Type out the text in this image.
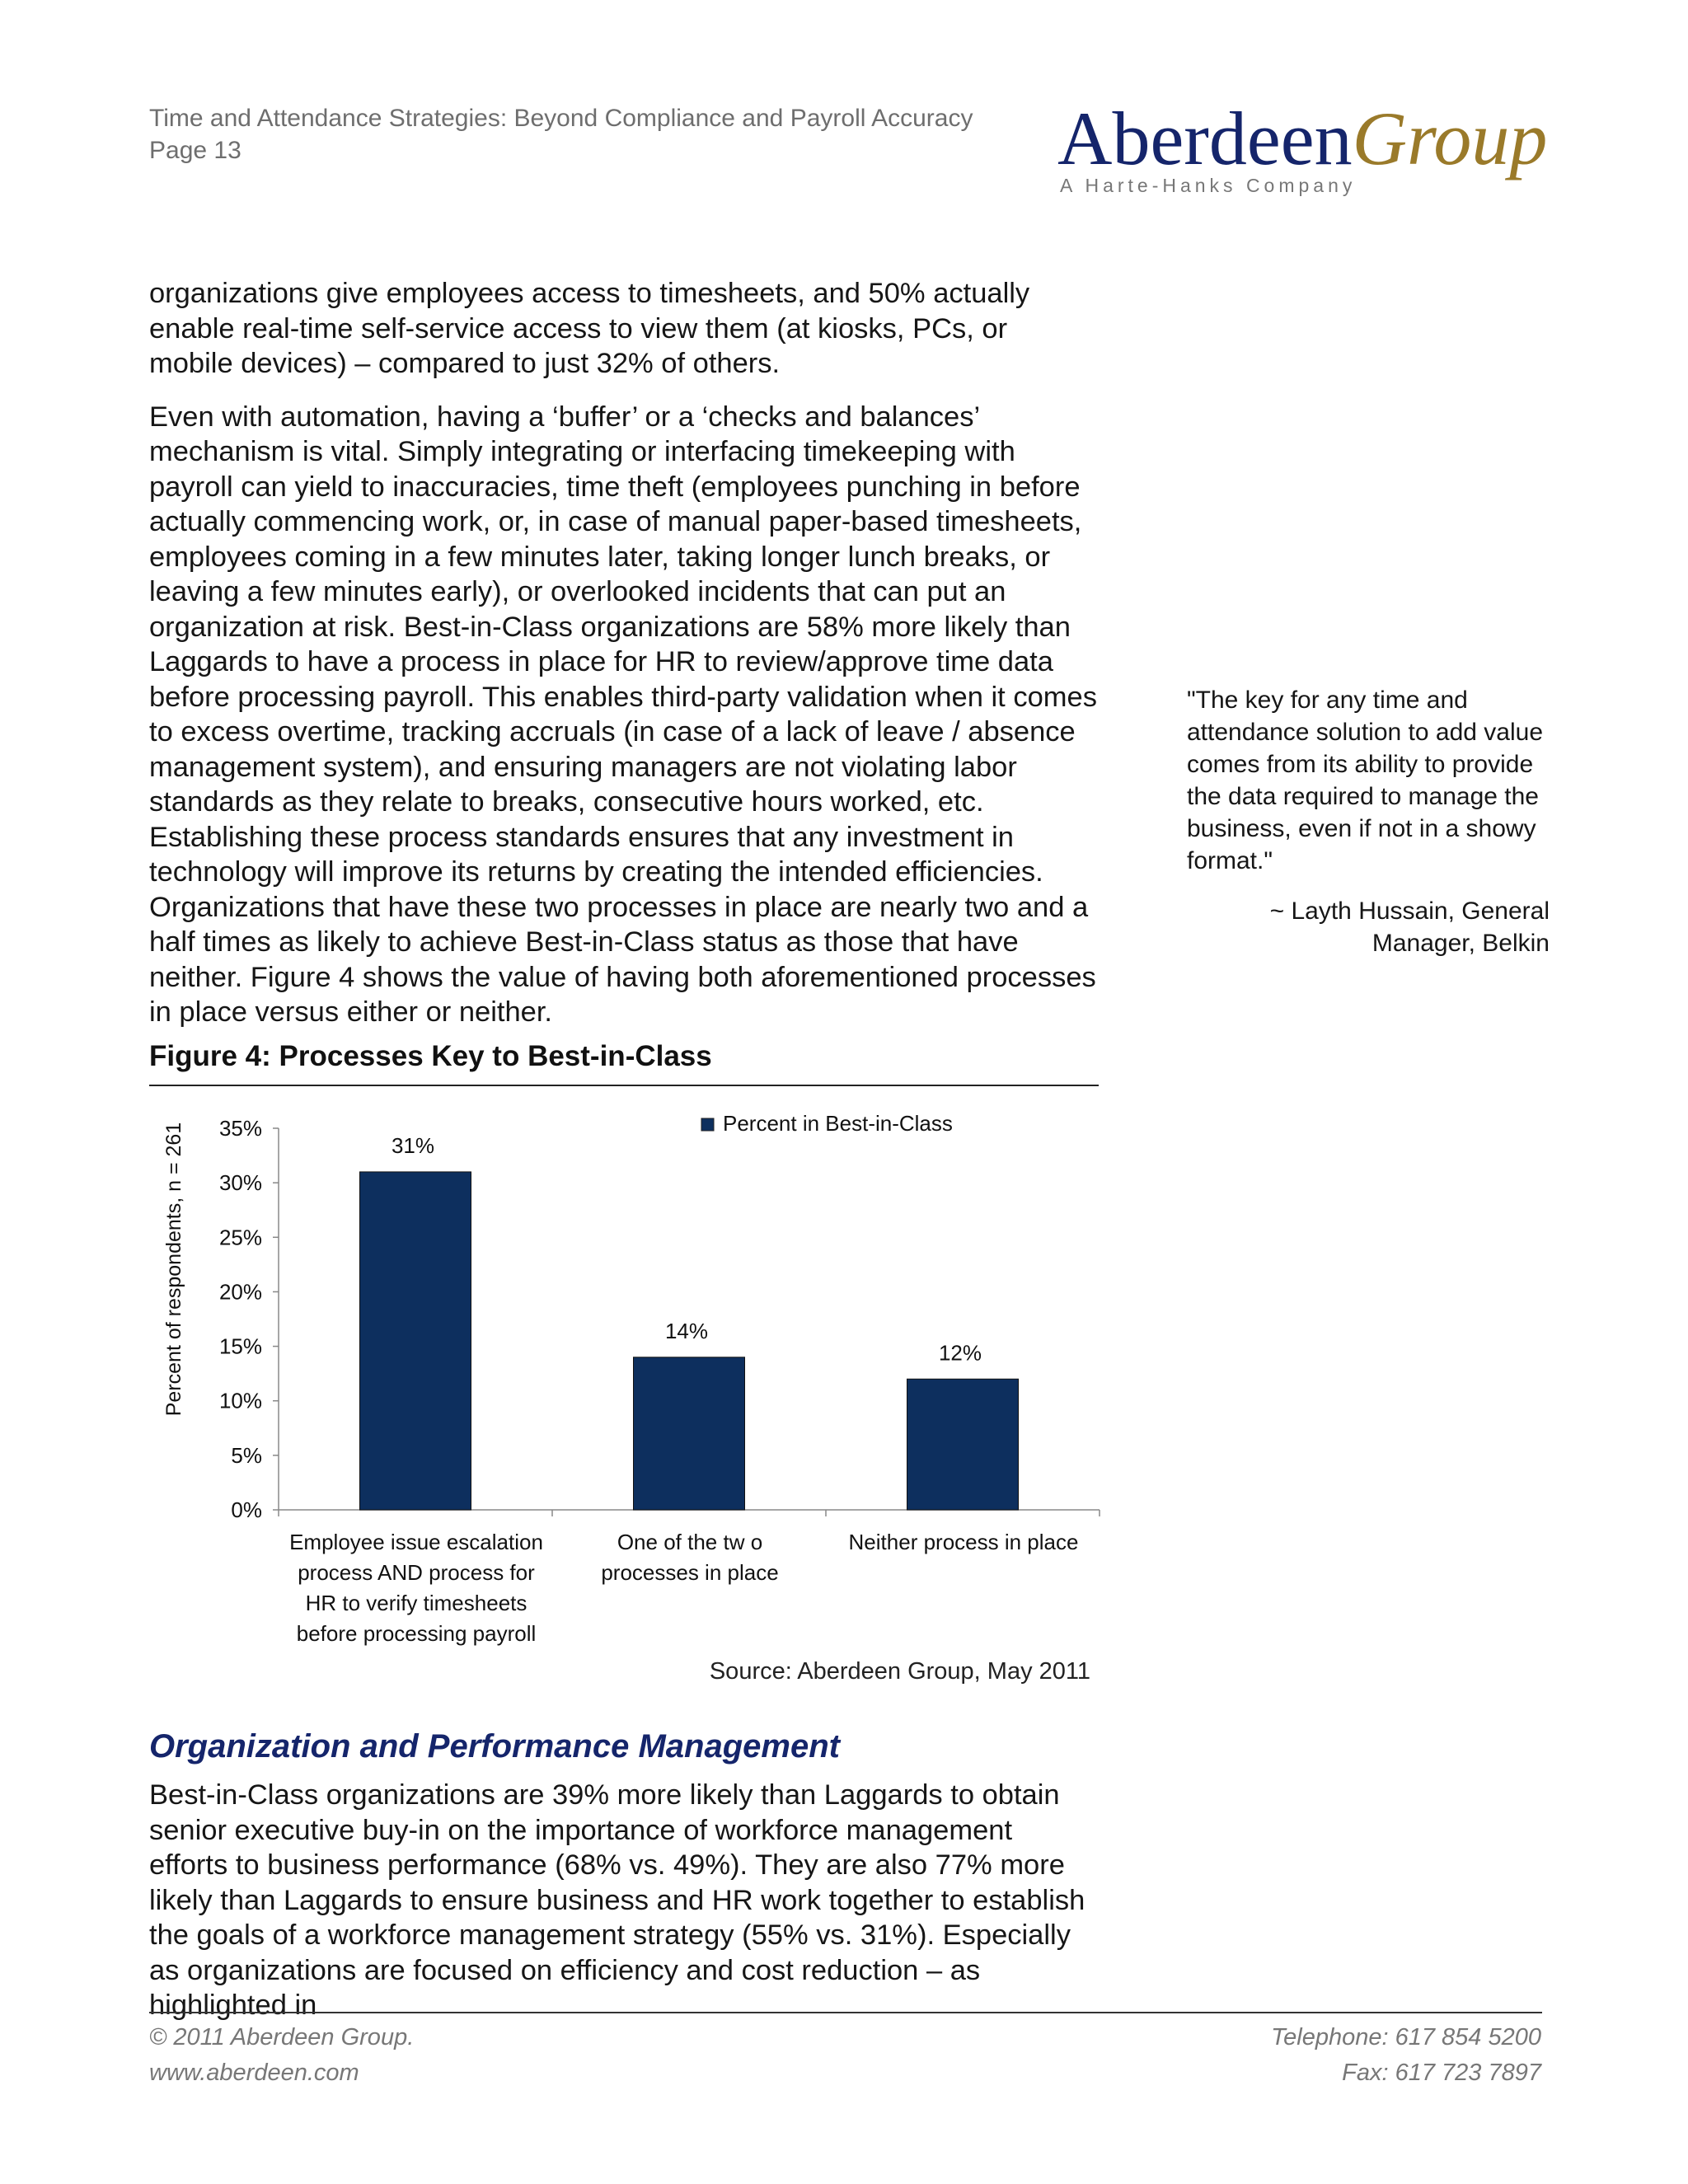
Time and Attendance Strategies: Beyond Compliance and Payroll Accuracy
Page 13	AberdeenGroup
A Harte-Hanks Company

organizations give employees access to timesheets, and 50% actually enable real-time self-service access to view them (at kiosks, PCs, or mobile devices) – compared to just 32% of others.

Even with automation, having a ‘buffer’ or a ‘checks and balances’ mechanism is vital. Simply integrating or interfacing timekeeping with payroll can yield to inaccuracies, time theft (employees punching in before actually commencing work, or, in case of manual paper-based timesheets, employees coming in a few minutes later, taking longer lunch breaks, or leaving a few minutes early), or overlooked incidents that can put an organization at risk. Best-in-Class organizations are 58% more likely than Laggards to have a process in place for HR to review/approve time data before processing payroll. This enables third-party validation when it comes to excess overtime, tracking accruals (in case of a lack of leave / absence management system), and ensuring managers are not violating labor standards as they relate to breaks, consecutive hours worked, etc. Establishing these process standards ensures that any investment in technology will improve its returns by creating the intended efficiencies. Organizations that have these two processes in place are nearly two and a half times as likely to achieve Best-in-Class status as those that have neither. Figure 4 shows the value of having both aforementioned processes in place versus either or neither.

"The key for any time and attendance solution to add value comes from its ability to provide the data required to manage the business, even if not in a showy format."
~ Layth Hussain, General Manager, Belkin
Figure 4: Processes Key to Best-in-Class
Percent of respondents, n = 261
0%
5%
10%
15%
20%
25%
30%
35%
31%
Employee issue escalation
process AND process for
HR to verify timesheets
before processing payroll
14%
One of the tw o
processes in place
12%
Neither process in place
Percent in Best-in-Class
Source: Aberdeen Group, May 2011
Organization and Performance Management

Best-in-Class organizations are 39% more likely than Laggards to obtain senior executive buy-in on the importance of workforce management efforts to business performance (68% vs. 49%). They are also 77% more likely than Laggards to ensure business and HR work together to establish the goals of a workforce management strategy (55% vs. 31%). Especially as organizations are focused on efficiency and cost reduction – as highlighted in

© 2011 Aberdeen Group.
www.aberdeen.com
Telephone: 617 854 5200
Fax: 617 723 7897
